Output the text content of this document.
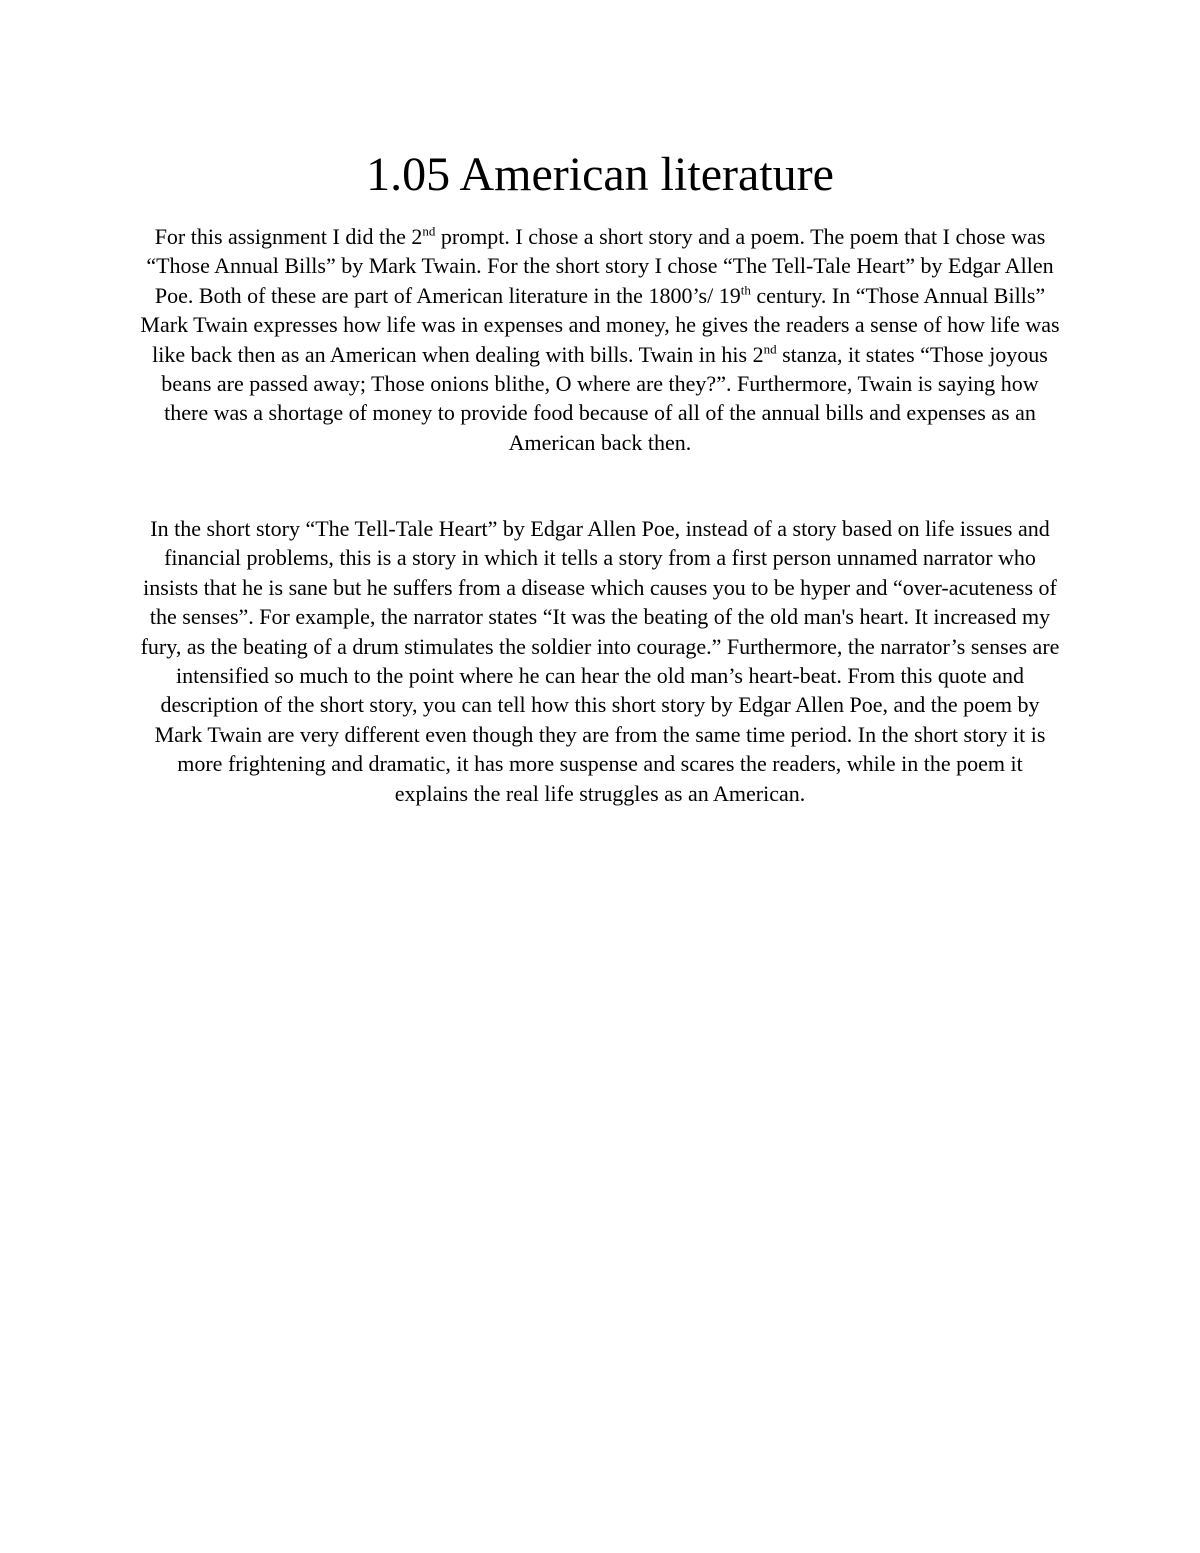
1.05 American literature

For this assignment I did the 2nd prompt. I chose a short story and a poem. The poem that I chose was “Those Annual Bills” by Mark Twain. For the short story I chose “The Tell-Tale Heart” by Edgar Allen Poe. Both of these are part of American literature in the 1800’s/ 19th century. In “Those Annual Bills” Mark Twain expresses how life was in expenses and money, he gives the readers a sense of how life was like back then as an American when dealing with bills. Twain in his 2nd stanza, it states “Those joyous beans are passed away; Those onions blithe, O where are they?”. Furthermore, Twain is saying how there was a shortage of money to provide food because of all of the annual bills and expenses as an American back then.

In the short story “The Tell-Tale Heart” by Edgar Allen Poe, instead of a story based on life issues and financial problems, this is a story in which it tells a story from a first person unnamed narrator who insists that he is sane but he suffers from a disease which causes you to be hyper and “over-acuteness of the senses”. For example, the narrator states “It was the beating of the old man's heart. It increased my fury, as the beating of a drum stimulates the soldier into courage.” Furthermore, the narrator’s senses are intensified so much to the point where he can hear the old man’s heart-beat. From this quote and description of the short story, you can tell how this short story by Edgar Allen Poe, and the poem by Mark Twain are very different even though they are from the same time period. In the short story it is more frightening and dramatic, it has more suspense and scares the readers, while in the poem it explains the real life struggles as an American.
